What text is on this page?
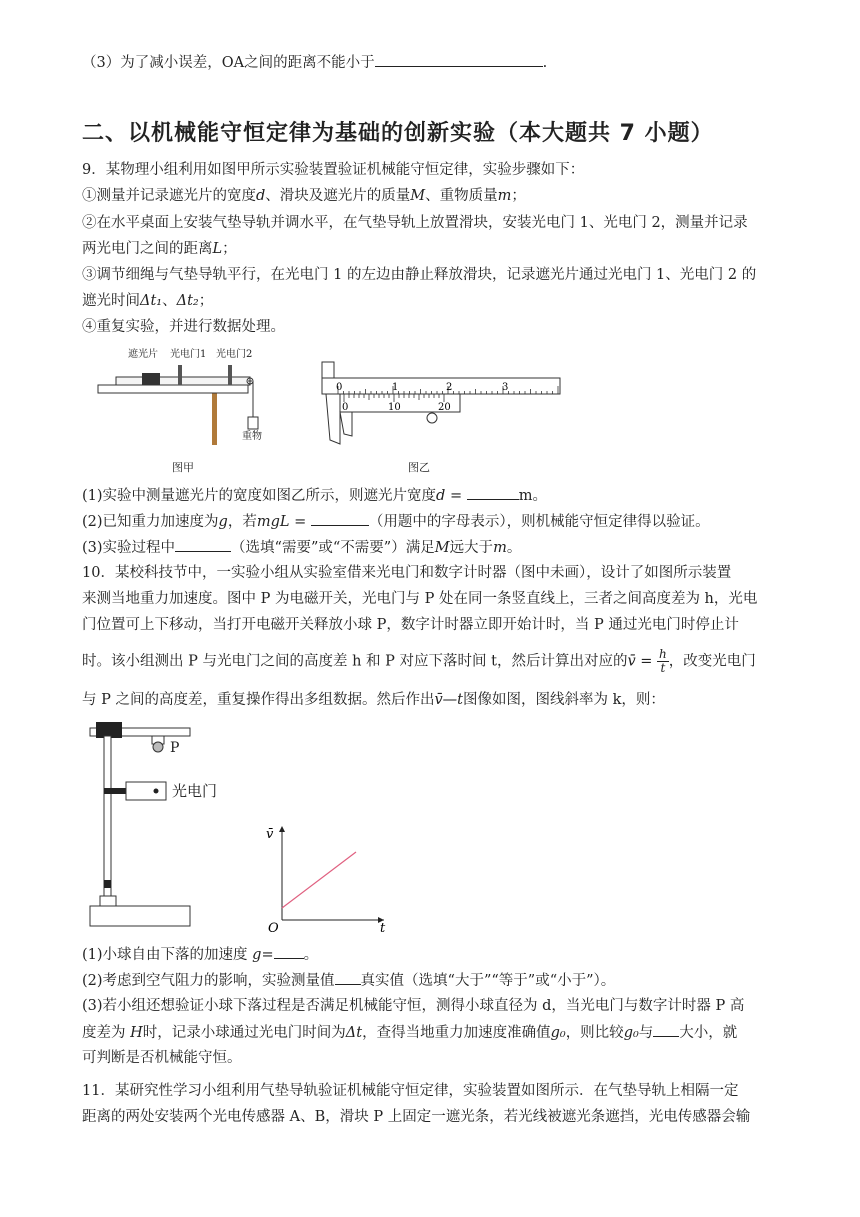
（3）为了减小误差，OA之间的距离不能小于	.
二、以机械能守恒定律为基础的创新实验（本大题共 7 小题）
9．某物理小组利用如图甲所示实验装置验证机械能守恒定律，实验步骤如下：
①测量并记录遮光片的宽度d、滑块及遮光片的质量M、重物质量m；
②在水平桌面上安装气垫导轨并调水平，在气垫导轨上放置滑块，安装光电门 1、光电门 2，测量并记录
两光电门之间的距离L；
③调节细绳与气垫导轨平行，在光电门 1 的左边由静止释放滑块，记录遮光片通过光电门 1、光电门 2 的
遮光时间Δt₁、Δt₂；
④重复实验，并进行数据处理。
遮光片 光电门1 光电门2
重物
图甲
0	1	2	3
0	10	20
图乙
(1)实验中测量遮光片的宽度如图乙所示，则遮光片宽度d =	m。
(2)已知重力加速度为g，若mgL =	（用题中的字母表示），则机械能守恒定律得以验证。
(3)实验过程中	（选填“需要”或“不需要”）满足M远大于m。
10．某校科技节中，一实验小组从实验室借来光电门和数字计时器（图中未画），设计了如图所示装置
来测当地重力加速度。图中 P 为电磁开关，光电门与 P 处在同一条竖直线上，三者之间高度差为 h，光电
门位置可上下移动，当打开电磁开关释放小球 P，数字计时器立即开始计时，当 P 通过光电门时停止计
时。该小组测出 P 与光电门之间的高度差 h 和 P 对应下落时间 t，然后计算出对应的v̄ = $\frac{h}{t}$ ，改变光电门
与 P 之间的高度差，重复操作得出多组数据。然后作出v̄—t图像如图，图线斜率为 k，则：
P
光电门
v̄
t
O
(1)小球自由下落的加速度 g= 。
(2)考虑到空气阻力的影响，实验测量值 真实值（选填“大于”“等于”或“小于”）。
(3)若小组还想验证小球下落过程是否满足机械能守恒，测得小球直径为 d，当光电门与数字计时器 P 高
度差为 H时，记录小球通过光电门时间为Δt，查得当地重力加速度准确值g₀，则比较g₀与 大小，就
可判断是否机械能守恒。
11．某研究性学习小组利用气垫导轨验证机械能守恒定律，实验装置如图所示．在气垫导轨上相隔一定
距离的两处安装两个光电传感器 A、B，滑块 P 上固定一遮光条，若光线被遮光条遮挡，光电传感器会输
